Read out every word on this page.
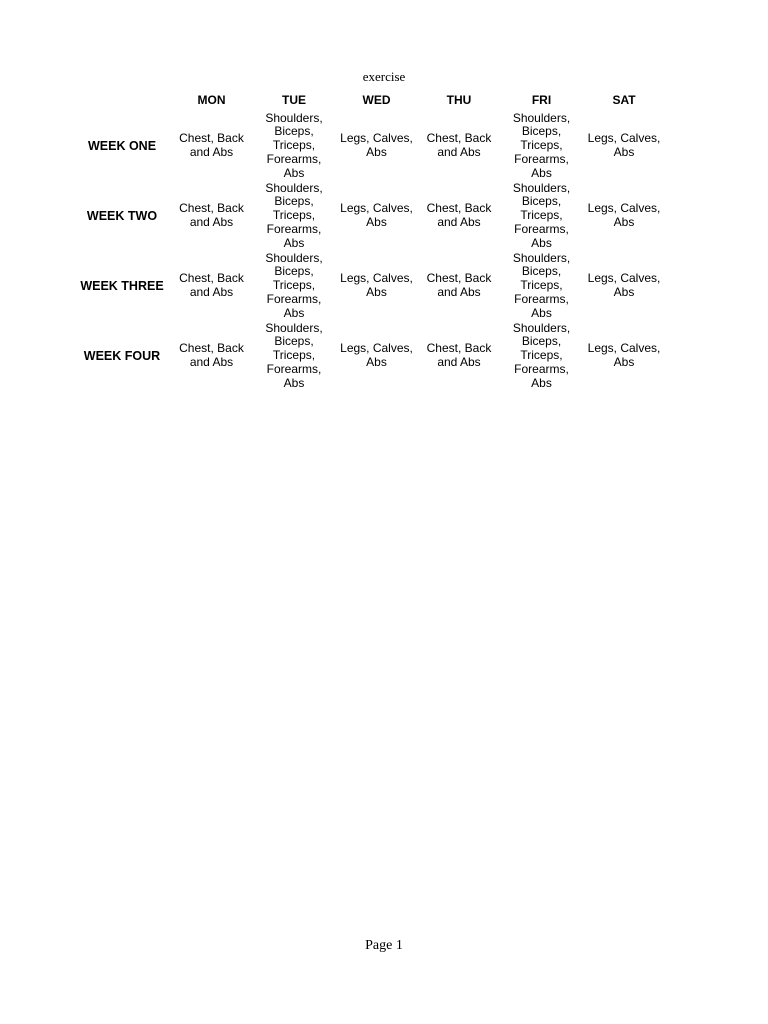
exercise
	MON	TUE	WED	THU	FRI	SAT
WEEK ONE	Chest, Back and Abs	Shoulders, Biceps, Triceps, Forearms, Abs	Legs, Calves, Abs	Chest, Back and Abs	Shoulders, Biceps, Triceps, Forearms, Abs	Legs, Calves, Abs
WEEK TWO	Chest, Back and Abs	Shoulders, Biceps, Triceps, Forearms, Abs	Legs, Calves, Abs	Chest, Back and Abs	Shoulders, Biceps, Triceps, Forearms, Abs	Legs, Calves, Abs
WEEK THREE	Chest, Back and Abs	Shoulders, Biceps, Triceps, Forearms, Abs	Legs, Calves, Abs	Chest, Back and Abs	Shoulders, Biceps, Triceps, Forearms, Abs	Legs, Calves, Abs
WEEK FOUR	Chest, Back and Abs	Shoulders, Biceps, Triceps, Forearms, Abs	Legs, Calves, Abs	Chest, Back and Abs	Shoulders, Biceps, Triceps, Forearms, Abs	Legs, Calves, Abs
Page 1
